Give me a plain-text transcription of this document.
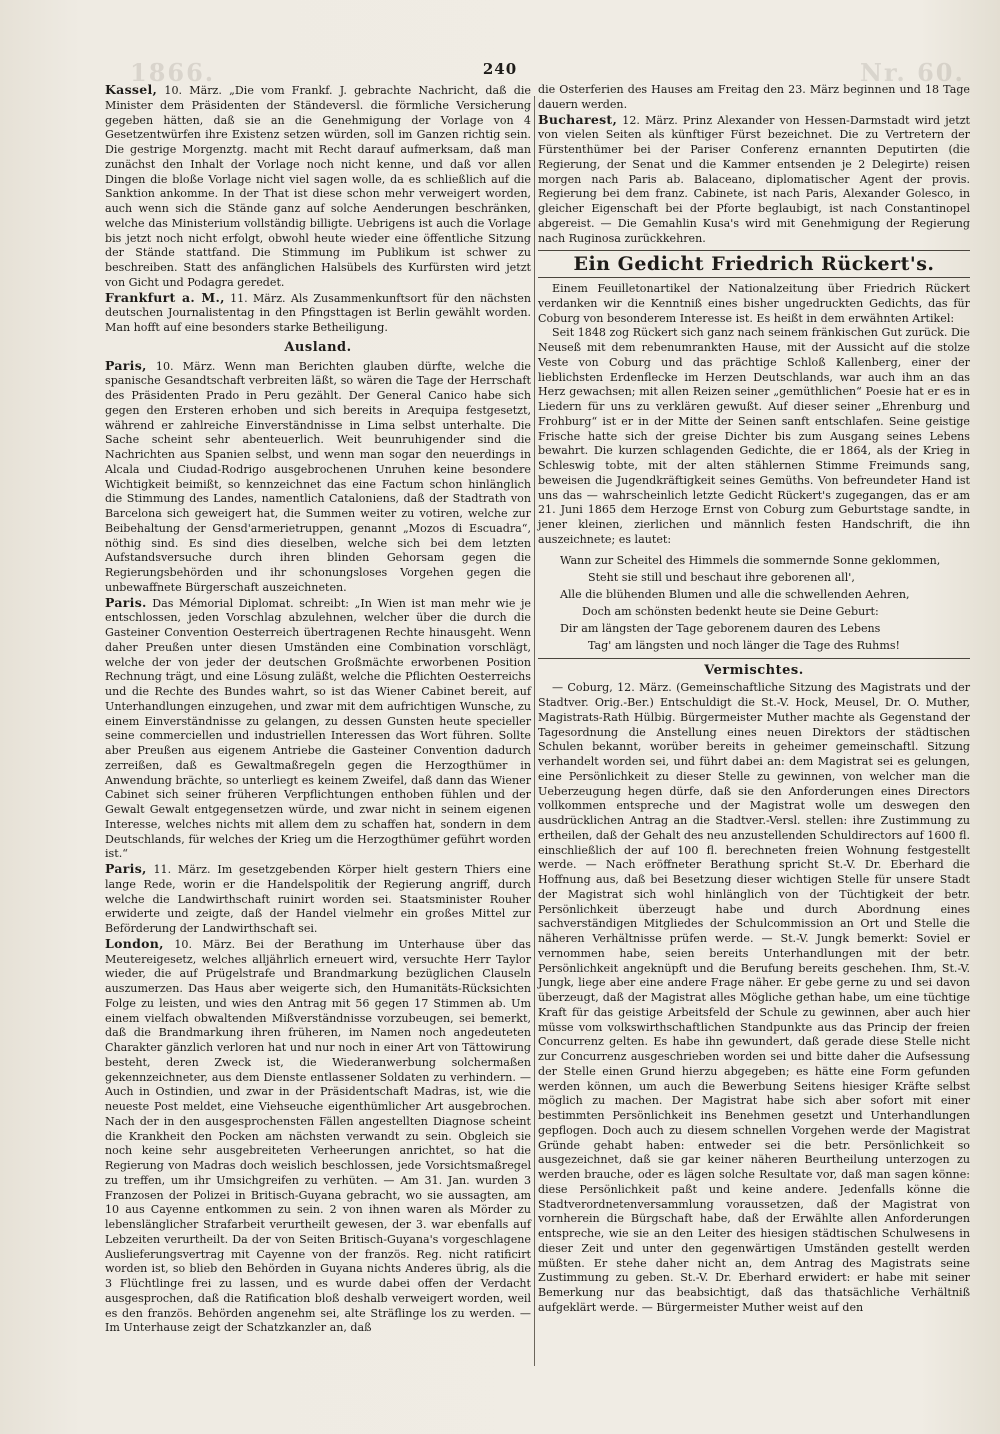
1866.	Nr. 60.
240

Kassel, 10. März. „Die vom Frankf. J. gebrachte Nachricht, daß die Minister dem Präsidenten der Ständeversl. die förmliche Versicherung gegeben hätten, daß sie an die Genehmigung der Vorlage von 4 Gesetzentwürfen ihre Existenz setzen würden, soll im Ganzen richtig sein. Die gestrige Morgenztg. macht mit Recht darauf aufmerksam, daß man zunächst den Inhalt der Vorlage noch nicht kenne, und daß vor allen Dingen die bloße Vorlage nicht viel sagen wolle, da es schließlich auf die Sanktion ankomme. In der That ist diese schon mehr verweigert worden, auch wenn sich die Stände ganz auf solche Aenderungen beschränken, welche das Ministerium vollständig billigte. Uebrigens ist auch die Vorlage bis jetzt noch nicht erfolgt, obwohl heute wieder eine öffentliche Sitzung der Stände stattfand. Die Stimmung im Publikum ist schwer zu beschreiben. Statt des anfänglichen Halsübels des Kurfürsten wird jetzt von Gicht und Podagra geredet.

Frankfurt a. M., 11. März. Als Zusammenkunftsort für den nächsten deutschen Journalistentag in den Pfingsttagen ist Berlin gewählt worden. Man hofft auf eine besonders starke Betheiligung.

Ausland.

Paris, 10. März. Wenn man Berichten glauben dürfte, welche die spanische Gesandtschaft verbreiten läßt, so wären die Tage der Herrschaft des Präsidenten Prado in Peru gezählt. Der General Canico habe sich gegen den Ersteren erhoben und sich bereits in Arequipa festgesetzt, während er zahlreiche Einverständnisse in Lima selbst unterhalte. Die Sache scheint sehr abenteuerlich. Weit beunruhigender sind die Nachrichten aus Spanien selbst, und wenn man sogar den neuerdings in Alcala und Ciudad-Rodrigo ausgebrochenen Unruhen keine besondere Wichtigkeit beimißt, so kennzeichnet das eine Factum schon hinlänglich die Stimmung des Landes, namentlich Cataloniens, daß der Stadtrath von Barcelona sich geweigert hat, die Summen weiter zu votiren, welche zur Beibehaltung der Gensd'armerietruppen, genannt „Mozos di Escuadra“, nöthig sind. Es sind dies dieselben, welche sich bei dem letzten Aufstandsversuche durch ihren blinden Gehorsam gegen die Regierungsbehörden und ihr schonungsloses Vorgehen gegen die unbewaffnete Bürgerschaft auszeichneten.

Paris. Das Mémorial Diplomat. schreibt: „In Wien ist man mehr wie je entschlossen, jeden Vorschlag abzulehnen, welcher über die durch die Gasteiner Convention Oesterreich übertragenen Rechte hinausgeht. Wenn daher Preußen unter diesen Umständen eine Combination vorschlägt, welche der von jeder der deutschen Großmächte erworbenen Position Rechnung trägt, und eine Lösung zuläßt, welche die Pflichten Oesterreichs und die Rechte des Bundes wahrt, so ist das Wiener Cabinet bereit, auf Unterhandlungen einzugehen, und zwar mit dem aufrichtigen Wunsche, zu einem Einverständnisse zu gelangen, zu dessen Gunsten heute specieller seine commerciellen und industriellen Interessen das Wort führen. Sollte aber Preußen aus eigenem Antriebe die Gasteiner Convention dadurch zerreißen, daß es Gewaltmaßregeln gegen die Herzogthümer in Anwendung brächte, so unterliegt es keinem Zweifel, daß dann das Wiener Cabinet sich seiner früheren Verpflichtungen enthoben fühlen und der Gewalt Gewalt entgegensetzen würde, und zwar nicht in seinem eigenen Interesse, welches nichts mit allem dem zu schaffen hat, sondern in dem Deutschlands, für welches der Krieg um die Herzogthümer geführt worden ist.“

Paris, 11. März. Im gesetzgebenden Körper hielt gestern Thiers eine lange Rede, worin er die Handelspolitik der Regierung angriff, durch welche die Landwirthschaft ruinirt worden sei. Staatsminister Rouher erwiderte und zeigte, daß der Handel vielmehr ein großes Mittel zur Beförderung der Landwirthschaft sei.

London, 10. März. Bei der Berathung im Unterhause über das Meutereigesetz, welches alljährlich erneuert wird, versuchte Herr Taylor wieder, die auf Prügelstrafe und Brandmarkung bezüglichen Clauseln auszumerzen. Das Haus aber weigerte sich, den Humanitäts-Rücksichten Folge zu leisten, und wies den Antrag mit 56 gegen 17 Stimmen ab. Um einem vielfach obwaltenden Mißverständnisse vorzubeugen, sei bemerkt, daß die Brandmarkung ihren früheren, im Namen noch angedeuteten Charakter gänzlich verloren hat und nur noch in einer Art von Tättowirung besteht, deren Zweck ist, die Wiederanwerbung solchermaßen gekennzeichneter, aus dem Dienste entlassener Soldaten zu verhindern. — Auch in Ostindien, und zwar in der Präsidentschaft Madras, ist, wie die neueste Post meldet, eine Viehseuche eigenthümlicher Art ausgebrochen. Nach der in den ausgesprochensten Fällen angestellten Diagnose scheint die Krankheit den Pocken am nächsten verwandt zu sein. Obgleich sie noch keine sehr ausgebreiteten Verheerungen anrichtet, so hat die Regierung von Madras doch weislich beschlossen, jede Vorsichtsmaßregel zu treffen, um ihr Umsichgreifen zu verhüten. — Am 31. Jan. wurden 3 Franzosen der Polizei in Britisch-Guyana gebracht, wo sie aussagten, am 10 aus Cayenne entkommen zu sein. 2 von ihnen waren als Mörder zu lebenslänglicher Strafarbeit verurtheilt gewesen, der 3. war ebenfalls auf Lebzeiten verurtheilt. Da der von Seiten Britisch-Guyana's vorgeschlagene Auslieferungsvertrag mit Cayenne von der französ. Reg. nicht ratificirt worden ist, so blieb den Behörden in Guyana nichts Anderes übrig, als die 3 Flüchtlinge frei zu lassen, und es wurde dabei offen der Verdacht ausgesprochen, daß die Ratification bloß deshalb verweigert worden, weil es den französ. Behörden angenehm sei, alte Sträflinge los zu werden. — Im Unterhause zeigt der Schatzkanzler an, daß

die Osterferien des Hauses am Freitag den 23. März beginnen und 18 Tage dauern werden.

Bucharest, 12. März. Prinz Alexander von Hessen-Darmstadt wird jetzt von vielen Seiten als künftiger Fürst bezeichnet. Die zu Vertretern der Fürstenthümer bei der Pariser Conferenz ernannten Deputirten (die Regierung, der Senat und die Kammer entsenden je 2 Delegirte) reisen morgen nach Paris ab. Balaceano, diplomatischer Agent der provis. Regierung bei dem franz. Cabinete, ist nach Paris, Alexander Golesco, in gleicher Eigenschaft bei der Pforte beglaubigt, ist nach Constantinopel abgereist. — Die Gemahlin Kusa's wird mit Genehmigung der Regierung nach Ruginosa zurückkehren.

Ein Gedicht Friedrich Rückert's.

Einem Feuilletonartikel der Nationalzeitung über Friedrich Rückert verdanken wir die Kenntniß eines bisher ungedruckten Gedichts, das für Coburg von besonderem Interesse ist. Es heißt in dem erwähnten Artikel:

Seit 1848 zog Rückert sich ganz nach seinem fränkischen Gut zurück. Die Neuseß mit dem rebenumrankten Hause, mit der Aussicht auf die stolze Veste von Coburg und das prächtige Schloß Kallenberg, einer der lieblichsten Erdenflecke im Herzen Deutschlands, war auch ihm an das Herz gewachsen; mit allen Reizen seiner „gemüthlichen“ Poesie hat er es in Liedern für uns zu verklären gewußt. Auf dieser seiner „Ehrenburg und Frohburg“ ist er in der Mitte der Seinen sanft entschlafen. Seine geistige Frische hatte sich der greise Dichter bis zum Ausgang seines Lebens bewahrt. Die kurzen schlagenden Gedichte, die er 1864, als der Krieg in Schleswig tobte, mit der alten stählernen Stimme Freimunds sang, beweisen die Jugendkräftigkeit seines Gemüths. Von befreundeter Hand ist uns das — wahrscheinlich letzte Gedicht Rückert's zugegangen, das er am 21. Juni 1865 dem Herzoge Ernst von Coburg zum Geburtstage sandte, in jener kleinen, zierlichen und männlich festen Handschrift, die ihn auszeichnete; es lautet:

Wann zur Scheitel des Himmels die sommernde Sonne geklommen,
Steht sie still und beschaut ihre geborenen all',
Alle die blühenden Blumen und alle die schwellenden Aehren,
Doch am schönsten bedenkt heute sie Deine Geburt:
Dir am längsten der Tage geborenem dauren des Lebens
Tag' am längsten und noch länger die Tage des Ruhms!
Vermischtes.

— Coburg, 12. März. (Gemeinschaftliche Sitzung des Magistrats und der Stadtver. Orig.-Ber.) Entschuldigt die St.-V. Hock, Meusel, Dr. O. Muther, Magistrats-Rath Hülbig. Bürgermeister Muther machte als Gegenstand der Tagesordnung die Anstellung eines neuen Direktors der städtischen Schulen bekannt, worüber bereits in geheimer gemeinschaftl. Sitzung verhandelt worden sei, und führt dabei an: dem Magistrat sei es gelungen, eine Persönlichkeit zu dieser Stelle zu gewinnen, von welcher man die Ueberzeugung hegen dürfe, daß sie den Anforderungen eines Directors vollkommen entspreche und der Magistrat wolle um deswegen den ausdrücklichen Antrag an die Stadtver.-Versl. stellen: ihre Zustimmung zu ertheilen, daß der Gehalt des neu anzustellenden Schuldirectors auf 1600 fl. einschließlich der auf 100 fl. berechneten freien Wohnung festgestellt werde. — Nach eröffneter Berathung spricht St.-V. Dr. Eberhard die Hoffnung aus, daß bei Besetzung dieser wichtigen Stelle für unsere Stadt der Magistrat sich wohl hinlänglich von der Tüchtigkeit der betr. Persönlichkeit überzeugt habe und durch Abordnung eines sachverständigen Mitgliedes der Schulcommission an Ort und Stelle die näheren Verhältnisse prüfen werde. — St.-V. Jungk bemerkt: Soviel er vernommen habe, seien bereits Unterhandlungen mit der betr. Persönlichkeit angeknüpft und die Berufung bereits geschehen. Ihm, St.-V. Jungk, liege aber eine andere Frage näher. Er gebe gerne zu und sei davon überzeugt, daß der Magistrat alles Mögliche gethan habe, um eine tüchtige Kraft für das geistige Arbeitsfeld der Schule zu gewinnen, aber auch hier müsse vom volkswirthschaftlichen Standpunkte aus das Princip der freien Concurrenz gelten. Es habe ihn gewundert, daß gerade diese Stelle nicht zur Concurrenz ausgeschrieben worden sei und bitte daher die Aufsessung der Stelle einen Grund hierzu abgegeben; es hätte eine Form gefunden werden können, um auch die Bewerbung Seitens hiesiger Kräfte selbst möglich zu machen. Der Magistrat habe sich aber sofort mit einer bestimmten Persönlichkeit ins Benehmen gesetzt und Unterhandlungen gepflogen. Doch auch zu diesem schnellen Vorgehen werde der Magistrat Gründe gehabt haben: entweder sei die betr. Persönlichkeit so ausgezeichnet, daß sie gar keiner näheren Beurtheilung unterzogen zu werden brauche, oder es lägen solche Resultate vor, daß man sagen könne: diese Persönlichkeit paßt und keine andere. Jedenfalls könne die Stadtverordnetenversammlung voraussetzen, daß der Magistrat von vornherein die Bürgschaft habe, daß der Erwählte allen Anforderungen entspreche, wie sie an den Leiter des hiesigen städtischen Schulwesens in dieser Zeit und unter den gegenwärtigen Umständen gestellt werden müßten. Er stehe daher nicht an, dem Antrag des Magistrats seine Zustimmung zu geben. St.-V. Dr. Eberhard erwidert: er habe mit seiner Bemerkung nur das beabsichtigt, daß das thatsächliche Verhältniß aufgeklärt werde. — Bürgermeister Muther weist auf den
